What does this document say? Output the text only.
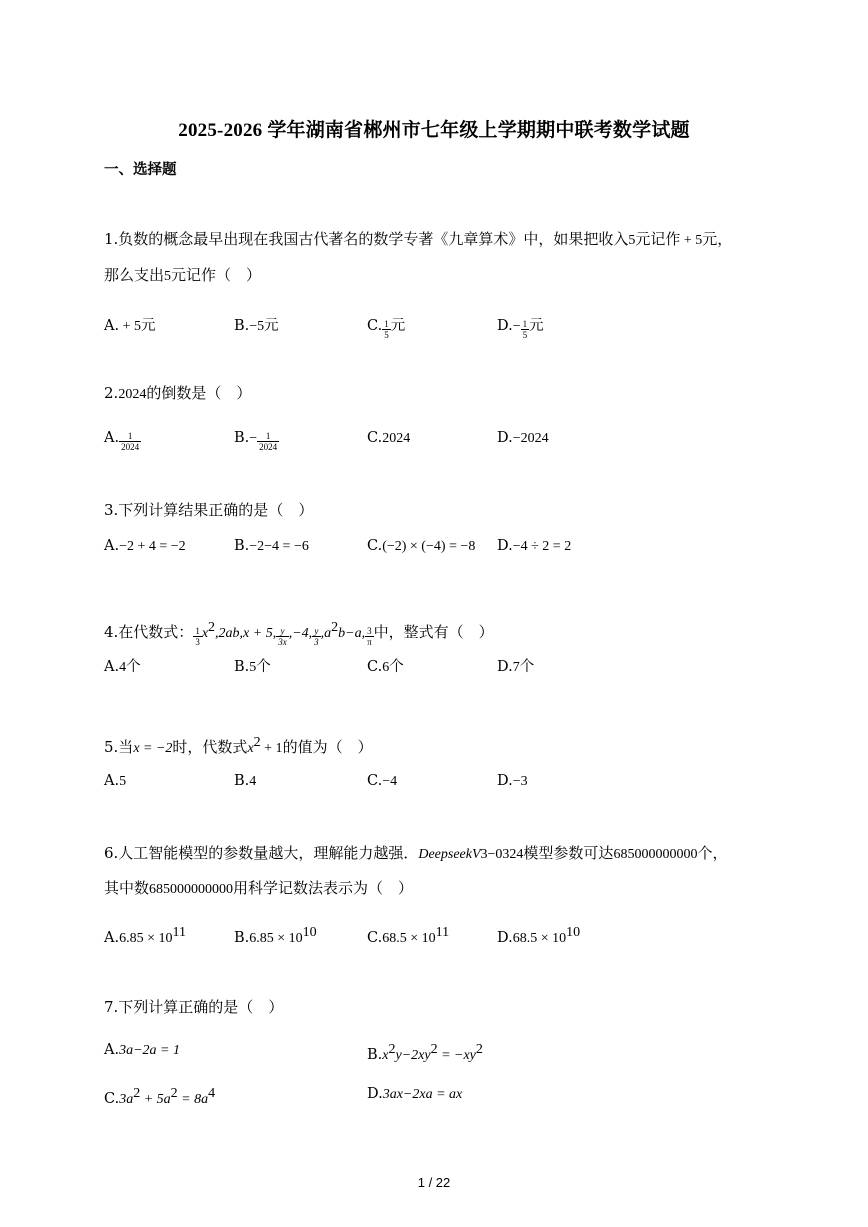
2025-2026 学年湖南省郴州市七年级上学期期中联考数学试题
一、选择题
1.负数的概念最早出现在我国古代著名的数学专著《九章算术》中，如果把收入5元记作 + 5元，
那么支出5元记作（　）
A. + 5元	B.−5元	C. $\frac{1}{5}$ 元	$D.- \frac{1}{5}$ 元
2.2024的倒数是（　）
A. $\frac{1}{2024}$	$B.- \frac{1}{2024}$	C.2024	D.−2024
3.下列计算结果正确的是（　）
A.−2 + 4 = −2	B.−2−4 = −6	C.(−2) × (−4) = −8 D.−4 ÷ 2 = 2
4.在代数式： $\frac{1}{3} x^2,2ab,x + 5$, $\frac{y}{3x} ,-4$, $\frac{y}{3} ,a^2b-a$, $\frac{3}{\pi}$ 中，整式有（　）
A.4个	B.5个	C.6个	D.7个
5.当x = −2时，代数式$x^2 + 1$的值为（　）
A.5	B.4	C.−4	D.−3
6.人工智能模型的参数量越大，理解能力越强．DeepseekV3−0324模型参数可达685000000000个，
其中数685000000000用科学记数法表示为（　）
$A.6.85 \times 10^{11}$	$B.6.85 \times 10^{10}$	$C.68.5 \times 10^{11}$	$D.68.5 \times 10^{10}$
7.下列计算正确的是（　）
A.3a−2a = 1	$B.x^2y-2xy^2 = -xy^2$
$C.3a^2 + 5a^2 = 8a^4$	D.3ax−2xa = ax
1 / 22
